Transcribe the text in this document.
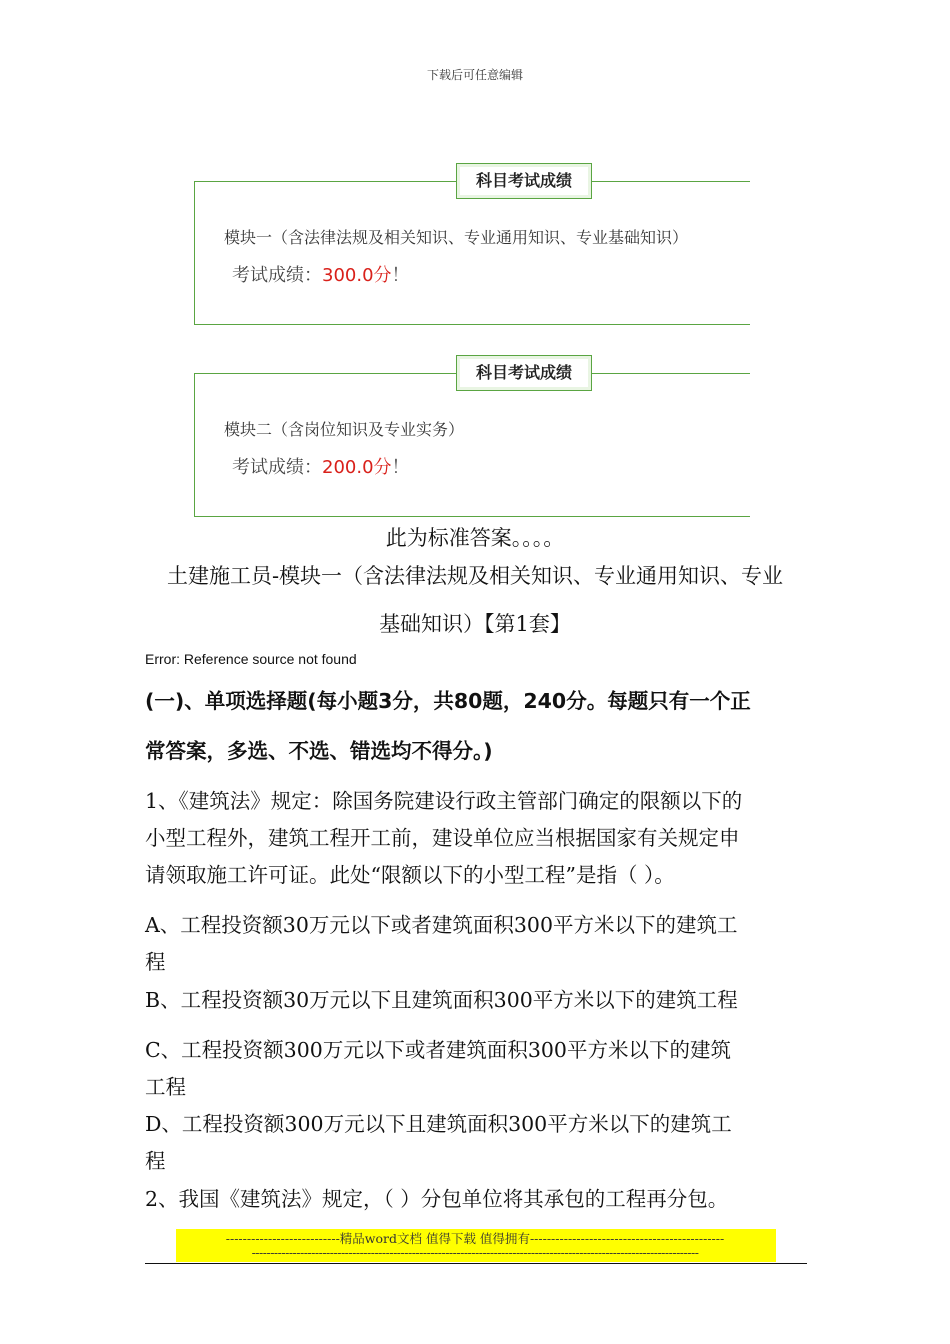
下载后可任意编辑
科目考试成绩
模块一（含法律法规及相关知识、专业通用知识、专业基础知识）
考试成绩：300.0分！
科目考试成绩
模块二（含岗位知识及专业实务）
考试成绩：200.0分！
此为标准答案。。。。
土建施工员-模块一（含法律法规及相关知识、专业通用知识、专业
基础知识）【第1套】
Error: Reference source not found
(一)、单项选择题(每小题3分，共80题，240分。每题只有一个正
常答案，多选、不选、错选均不得分。)
1、《建筑法》规定：除国务院建设行政主管部门确定的限额以下的
小型工程外，建筑工程开工前，建设单位应当根据国家有关规定申
请领取施工许可证。此处“限额以下的小型工程”是指（ ）。
A、工程投资额30万元以下或者建筑面积300平方米以下的建筑工
程
B、工程投资额30万元以下且建筑面积300平方米以下的建筑工程
C、工程投资额300万元以下或者建筑面积300平方米以下的建筑
工程
D、工程投资额300万元以下且建筑面积300平方米以下的建筑工
程
2、我国《建筑法》规定，（ ）分包单位将其承包的工程再分包。
---------------------------精品word文档 值得下载 值得拥有----------------------------------------------
------------------------------------------------------------------------------------------------------------------------
